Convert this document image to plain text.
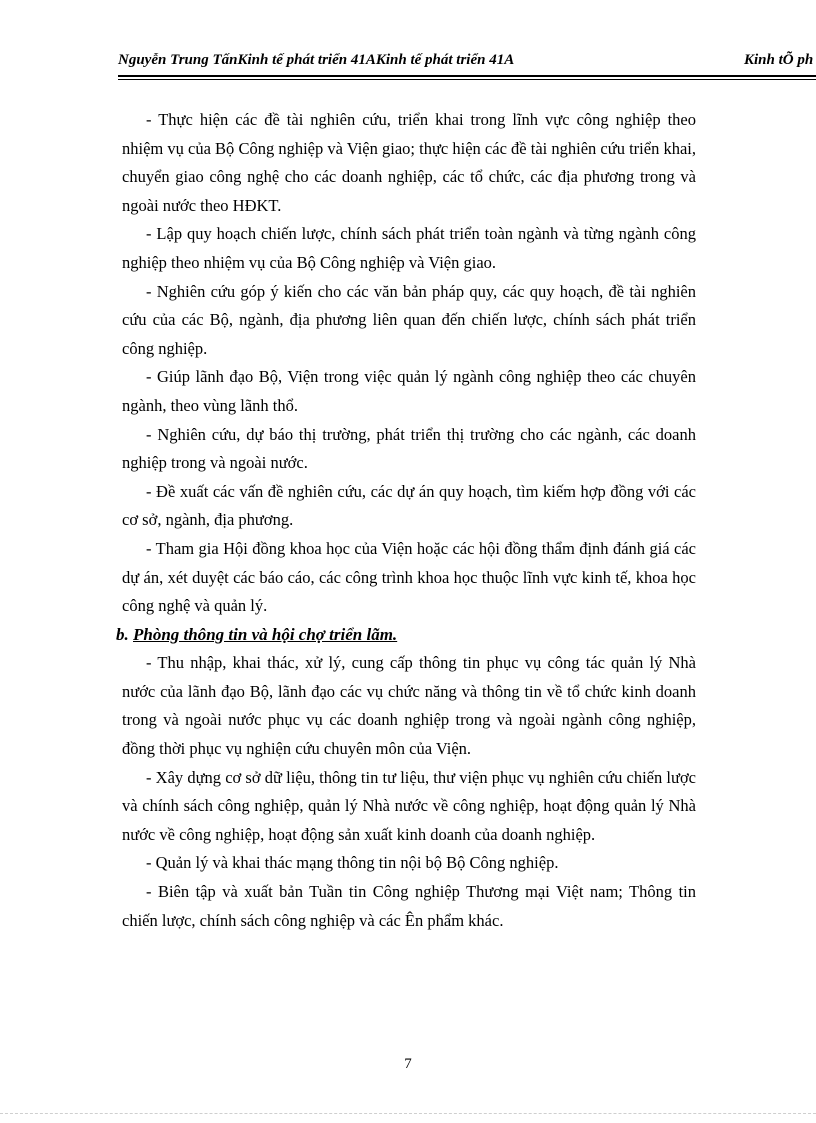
Nguyễn Trung TấnKinh tế phát triển 41AKinh tế phát triển 41A	Kinh tÕ ph

- Thực hiện các đề tài nghiên cứu, triển khai trong lĩnh vực công nghiệp theo nhiệm vụ của Bộ Công nghiệp và Viện giao; thực hiện các đề tài nghiên cứu triển khai, chuyển giao công nghệ cho các doanh nghiệp, các tổ chức, các địa phương trong và ngoài nước theo HĐKT.

- Lập quy hoạch chiến lược, chính sách phát triển toàn ngành và từng ngành công nghiệp theo nhiệm vụ của Bộ Công nghiệp và Viện giao.

- Nghiên cứu góp ý kiến cho các văn bản pháp quy, các quy hoạch, đề tài nghiên cứu của các Bộ, ngành, địa phương liên quan đến chiến lược, chính sách phát triển công nghiệp.

- Giúp lãnh đạo Bộ, Viện trong việc quản lý ngành công nghiệp theo các chuyên ngành, theo vùng lãnh thổ.

- Nghiên cứu, dự báo thị trường, phát triển thị trường cho các ngành, các doanh nghiệp trong và ngoài nước.

- Đề xuất các vấn đề nghiên cứu, các dự án quy hoạch, tìm kiếm hợp đồng với các cơ sở, ngành, địa phương.

- Tham gia Hội đồng khoa học của Viện hoặc các hội đồng thẩm định đánh giá các dự án, xét duyệt các báo cáo, các công trình khoa học thuộc lĩnh vực kinh tế, khoa học công nghệ và quản lý.

b. Phòng thông tin và hội chợ triển lãm.

- Thu nhập, khai thác, xử lý, cung cấp thông tin phục vụ công tác quản lý Nhà nước của lãnh đạo Bộ, lãnh đạo các vụ chức năng và thông tin về tổ chức kinh doanh trong và ngoài nước phục vụ các doanh nghiệp trong và ngoài ngành công nghiệp, đồng thời phục vụ nghiện cứu chuyên môn của Viện.

- Xây dựng cơ sở dữ liệu, thông tin tư liệu, thư viện phục vụ nghiên cứu chiến lược và chính sách công nghiệp, quản lý Nhà nước về công nghiệp, hoạt động quản lý Nhà nước về công nghiệp, hoạt động sản xuất kinh doanh của doanh nghiệp.

- Quản lý và khai thác mạng thông tin nội bộ Bộ Công nghiệp.

- Biên tập và xuất bản Tuần tin Công nghiệp Thương mại Việt nam; Thông tin chiến lược, chính sách công nghiệp và các Ên phẩm khác.

7
